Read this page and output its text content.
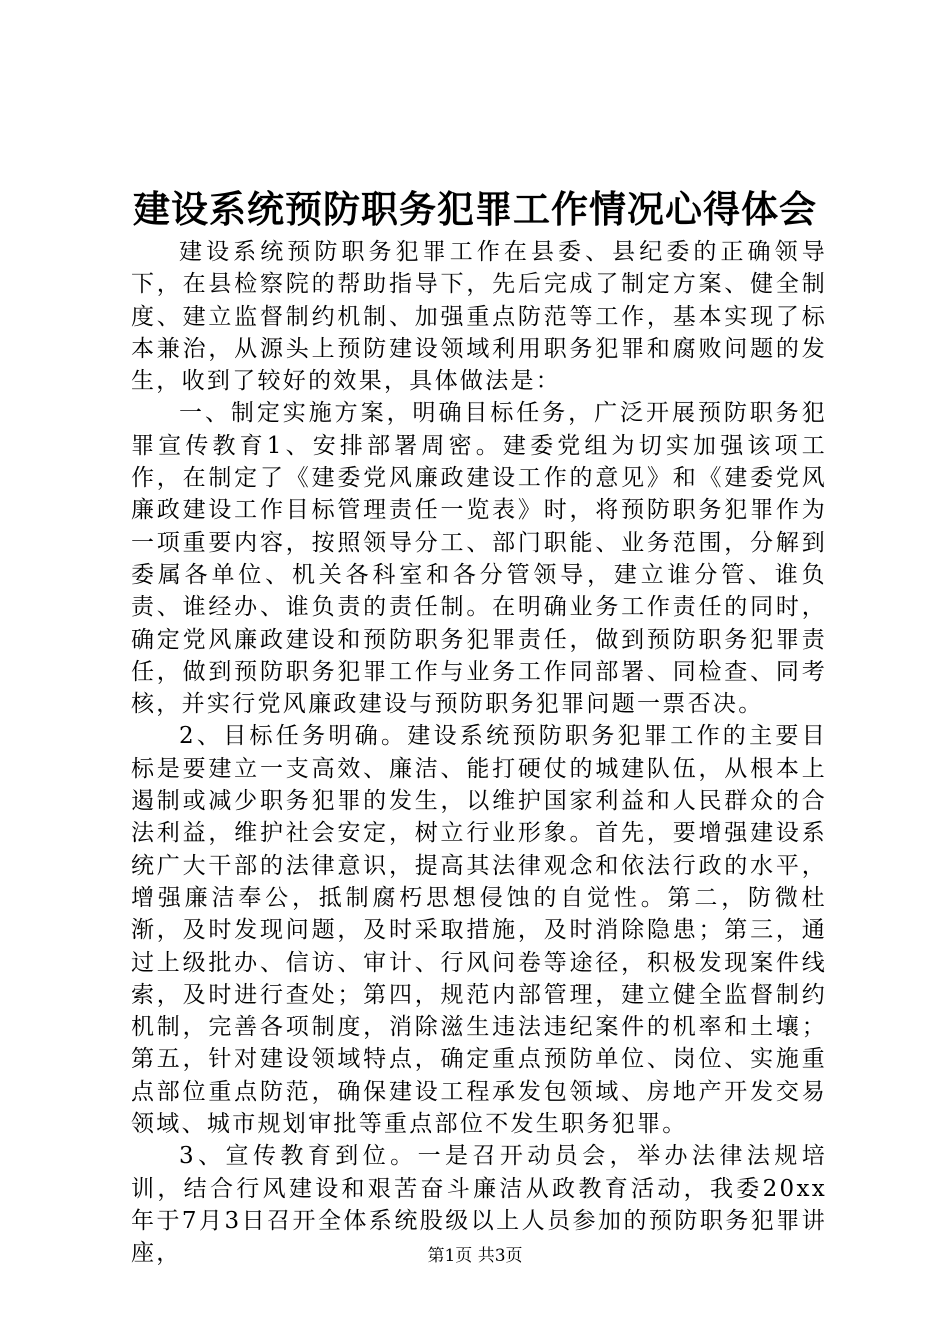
建设系统预防职务犯罪工作情况心得体会

建设系统预防职务犯罪工作在县委、县纪委的正确领导下，在县检察院的帮助指导下，先后完成了制定方案、健全制度、建立监督制约机制、加强重点防范等工作，基本实现了标本兼治，从源头上预防建设领域利用职务犯罪和腐败问题的发生，收到了较好的效果，具体做法是：

一、制定实施方案，明确目标任务，广泛开展预防职务犯罪宣传教育1、安排部署周密。建委党组为切实加强该项工作，在制定了《建委党风廉政建设工作的意见》和《建委党风廉政建设工作目标管理责任一览表》时，将预防职务犯罪作为一项重要内容，按照领导分工、部门职能、业务范围，分解到委属各单位、机关各科室和各分管领导，建立谁分管、谁负责、谁经办、谁负责的责任制。在明确业务工作责任的同时，确定党风廉政建设和预防职务犯罪责任，做到预防职务犯罪责任，做到预防职务犯罪工作与业务工作同部署、同检查、同考核，并实行党风廉政建设与预防职务犯罪问题一票否决。

2、目标任务明确。建设系统预防职务犯罪工作的主要目标是要建立一支高效、廉洁、能打硬仗的城建队伍，从根本上遏制或减少职务犯罪的发生，以维护国家利益和人民群众的合法利益，维护社会安定，树立行业形象。首先，要增强建设系统广大干部的法律意识，提高其法律观念和依法行政的水平，增强廉洁奉公，抵制腐朽思想侵蚀的自觉性。第二，防微杜渐，及时发现问题，及时采取措施，及时消除隐患；第三，通过上级批办、信访、审计、行风问卷等途径，积极发现案件线索，及时进行查处；第四，规范内部管理，建立健全监督制约机制，完善各项制度，消除滋生违法违纪案件的机率和土壤；第五，针对建设领域特点，确定重点预防单位、岗位、实施重点部位重点防范，确保建设工程承发包领域、房地产开发交易领域、城市规划审批等重点部位不发生职务犯罪。

3、宣传教育到位。一是召开动员会，举办法律法规培训，结合行风建设和艰苦奋斗廉洁从政教育活动，我委20xx年于7月3日召开全体系统股级以上人员参加的预防职务犯罪讲座，	第1页 共3页
